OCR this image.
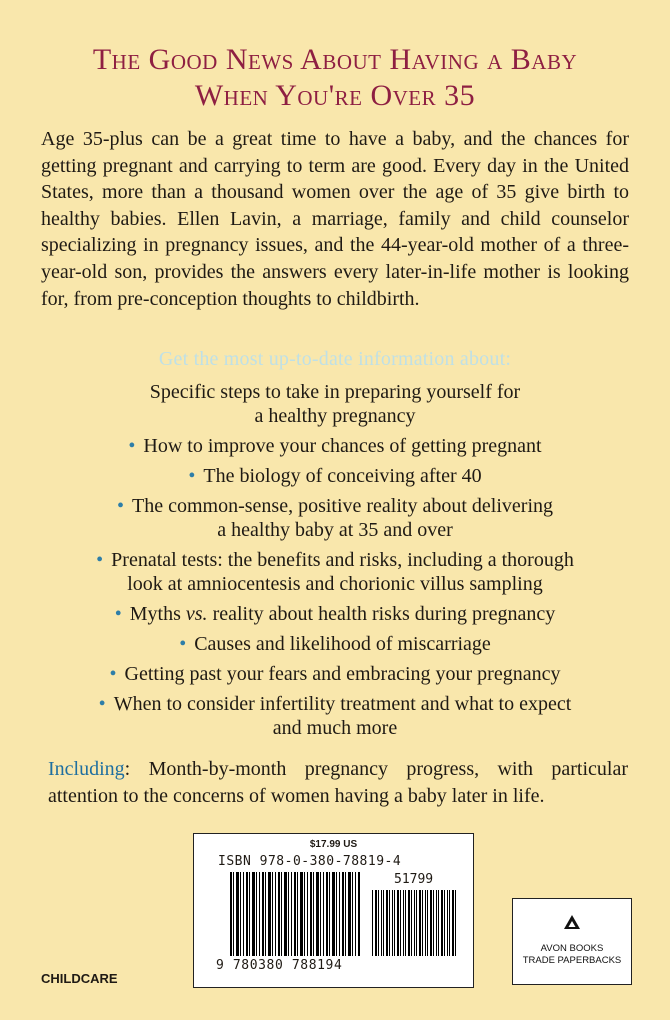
The Good News About Having a Baby
When You're Over 35

Age 35-plus can be a great time to have a baby, and the chances for getting pregnant and carrying to term are good. Every day in the United States, more than a thousand women over the age of 35 give birth to healthy babies. Ellen Lavin, a marriage, family and child counselor specializing in pregnancy issues, and the 44-year-old mother of a three-year-old son, provides the answers every later-in-life mother is looking for, from pre-conception thoughts to childbirth.

Get the most up-to-date information about:
Specific steps to take in preparing yourself for
a healthy pregnancy
• How to improve your chances of getting pregnant
• The biology of conceiving after 40
• The common-sense, positive reality about delivering
a healthy baby at 35 and over
• Prenatal tests: the benefits and risks, including a thorough
look at amniocentesis and chorionic villus sampling
• Myths vs. reality about health risks during pregnancy
• Causes and likelihood of miscarriage
• Getting past your fears and embracing your pregnancy
• When to consider infertility treatment and what to expect
and much more
Including: Month-by-month pregnancy progress, with particular attention to the concerns of women having a baby later in life.
$17.99 US
ISBN 978-0-380-78819-4
51799
9 780380 788194
CHILDCARE
AVON BOOKS
TRADE PAPERBACKS
